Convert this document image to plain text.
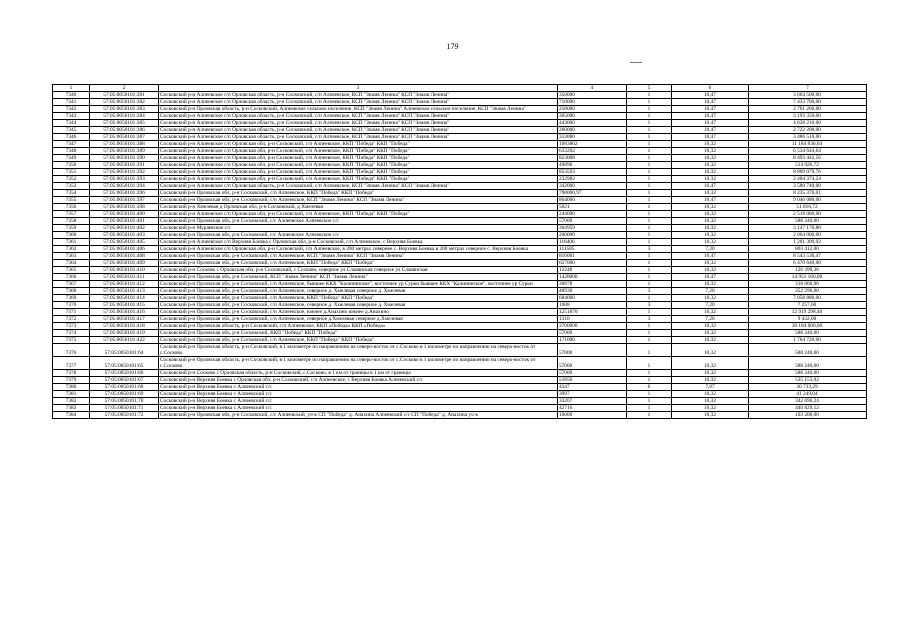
179
1	2	3	4	5	6	7
7340	57:05:0050101:381	Сосковский р-н Алпеевское с/п Орловская область, р-н Сосковский, с/п Алпеевское, КСП "Знамя Ленина" КСП "Знамя Ленина"	350000	1	10,47	3 664 500,00
7341	57:05:0050101:382	Сосковский р-н Алпеевское с/п Орловская область, р-н Сосковский, с/п Алпеевское, КСП "Знамя Ленина" КСП "Знамя Ленина"	710000	1	10,47	7 433 700,00
7342	57:05:0050101:383	Сосковский р-н Орловская область, р-н Сосковский, Алпеевское сельское поселение, КСП "Знамя Ленина" Алпеевское сельское поселение, КСП "Знамя Ленина"	258000	1	10,47	2 701 260,00
7343	57:05:0050101:384	Сосковский р-н Алпеевское с/п Орловская область, р-н Сосковский, с/п Алпеевское, КСП "Знамя Ленина" КСП "Знамя Ленина"	305000	1	10,47	3 193 350,00
7344	57:05:0050101:385	Сосковский р-н Алпеевское с/п Орловская область, р-н Сосковский, с/п Алпеевское, КСП "Знамя Ленина" КСП "Знамя Ленина"	443000	1	10,47	4 638 210,00
7345	57:05:0050101:386	Сосковский р-н Алпеевское с/п Орловская область, р-н Сосковский, с/п Алпеевское, КСП "Знамя Ленина" КСП "Знамя Ленина"	260000	1	10,47	2 722 200,00
7346	57:05:0050101:387	Сосковский р-н Алпеевское с/п Орловская область, р-н Сосковский, с/п Алпеевское, КСП "Знамя Ленина" КСП "Знамя Ленина"	333000	1	10,47	3 486 510,00
7347	57:05:0050101:388	Сосковский р-н Алпеевское с/п Орловская обл, р-н Сосковский, с/п Алпеевское, ККП "Победа" ККП "Победа"	1083802	1	10,32	11 184 836,64
7348	57:05:0050101:389	Сосковский р-н Алпеевское с/п Орловская обл, р-н Сосковский, с/п Алпеевское, ККП "Победа" ККП "Победа"	633202	1	10,32	6 534 644,64
7349	57:05:0050101:390	Сосковский р-н Алпеевское с/п Орловская обл, р-н Сосковский, с/п Алпеевское, ККП "Победа" ККП "Победа"	823008	1	10,32	8 493 442,56
7350	57:05:0050101:391	Сосковский р-н Алпеевское с/п Орловская обл, р-н Сосковский, с/п Алпеевское, ККП "Победа" ККП "Победа"	49896	1	10,32	514 926,72
7351	57:05:0050101:392	Сосковский р-н Алпеевское с/п Орловская обл, р-н Сосковский, с/п Алпеевское, ККП "Победа" ККП "Победа"	853593	1	10,32	8 809 079,76
7352	57:05:0050101:393	Сосковский р-н Алпеевское с/п Орловская обл, р-н Сосковский, с/п Алпеевское, ККП "Победа" ККП "Победа"	232982	1	10,32	2 404 374,24
7353	57:05:0050101:394	Сосковский р-н Алпеевское с/п Орловская область, р-н Сосковский, с/п Алпеевское, КСП "Знамя Ленина" КСП "Знамя Ленина"	342000	1	10,47	3 580 740,00
7354	57:05:0050101:396	Сосковский р-н Орловская обл, р-н Сосковский, с/п Алпеевское, ККП "Победа" ККП "Победа"	798000,97	1	10,32	8 235 370,01
7355	57:05:0050101:397	Сосковский р-н Орловская обл, р-н Сосковский, с/п Алпеевское, КСП "Знамя Ленина" КСП "Знамя Ленина"	864000	1	10,47	9 046 080,00
7356	57:05:0050101:398	Сосковский р-н Хмелевая д Орловская обл, р-н Сосковский, д Хмелевая	5021	1	10,32	51 816,72
7357	57:05:0050101:400	Сосковский р-н Алпеевское с/п Орловская обл, р-н Сосковский, с/п Алпеевское, ККП "Победа" ККП "Победа"	244000	1	10,32	2 518 080,00
7358	57:05:0050101:401	Сосковский р-н Орловская обл, р-н Сосковский, с/с Алпеевское Алпеевское с/с	57000	1	10,32	588 240,00
7359	57:05:0050101:402	Сосковский р-н Мураевское с/с	304959	1	10,32	3 147 176,88
7360	57:05:0050101:403	Сосковский р-н Орловская обл, р-н Сосковский, с/с Алпеевское Алпеевское с/с	200000	1	10,32	2 064 000,00
7361	57:05:0050101:405	Сосковский р-н Алпеевское с/п Верхняя Боевка с Орловская обл, р-н Сосковский, с/п Алпеевское, с Верхняя Боевка	116406	1	10,32	1 201 309,92
7362	57:05:0050101:406	Сосковский р-н Алпеевское с/п Орловская обл, р-н Сосковский, с/п Алпеевское, в 200 метрах севернее с. Верхняя Боевка в 200 метрах северное с. Верхняя Боевка	111585	3	7,20	803 412,00
7363	57:05:0050101:408	Сосковский р-н Орловская обл, р-н Сосковский, с/п Алпеевское, КСП "Знамя Ленина" КСП "Знамя Ленина"	816001	1	10,47	8 543 530,47
7364	57:05:0050101:409	Сосковский р-н Орловская обл, р-н Сосковский, с/п Алпеевское, ККП "Победа" ККП "Победа"	627000	1	10,32	6 470 640,00
7365	57:05:0050101:410	Сосковский р-н Сосково с Орловская обл, р-н Сосковский, с Сосково, северное ул.Славянская северное ул.Славянская	12248	1	10,32	126 399,36
7366	57:05:0050101:411	Сосковский р-н Орловская обл, р-н Сосковский, КСП "Знамя Ленина" КСП "Знамя Ленина"	1428000	1	10,47	14 951 160,00
7367	57:05:0050101:412	Сосковский р-н Орловская обл, р-н Сосковский, с/п Алпеевское, бывшее ККХ "Калининское", восточнее ур Сурки бывшее ККХ "Калининское", восточнее ур Сурки	30878	1	10,32	318 660,96
7368	57:05:0050101:413	Сосковский р-н Орловская обл, р-н Сосковский, с/п Алпеевское, северное д. Хмелевая северное д. Хмелевая	48930	3	7,20	352 296,00
7369	57:05:0050101:414	Сосковский р-н Орловская обл, р-н Сосковский, с/п Алпеевское, ККП "Победа" ККП "Победа"	684000	1	10,32	7 058 880,00
7370	57:05:0050101:415	Сосковский р-н Орловская обл, р-н Сосковский, с/п Алпеевское, северное д. Хмелевая северное д. Хмелевая	1008	3	7,20	7 257,60
7371	57:05:0050101:416	Сосковский р-н Орловская обл, р-н Сосковский, с/п Алпеевское, южнее д.Анахино южнее д.Анахино	1251870	1	10,32	12 919 298,40
7372	57:05:0050101:417	Сосковский р-н Орловская обл, р-н Сосковский, с/п Алпеевское, северное д.Хмелевая северное д.Хмелевая	1310	3	7,20	9 432,00
7373	57:05:0050101:418	Сосковский р-н Орловская область, р-н Сосковский, с/п Алпеевское, ККП «Победа» ККП «Победа»	3700000	1	10,32	38 184 000,00
7374	57:05:0050101:419	Сосковский р-н Орловская обл, р-н Сосковский, ККП "Победа" ККП "Победа"	57000	1	10,32	588 240,00
7375	57:05:0050101:422	Сосковский р-н Орловская обл, р-н Сосковский, с/п Алпеевское, ККП "Победа" ККП "Победа"	171000	1	10,32	1 764 720,00
7376	57:05:0050101:64	Сосковский р-н Орловская область, р-н Сосковский, в 1 километре по направлению на северо-восток от с.Сосково в 1 километре по направлению на северо-восток от с.Сосково	57000	1	10,32	588 240,00
7377	57:05:0050101:65	Сосковский р-н Орловская область, р-н Сосковский, в 1 километре по направлению на северо-восток от с.Сосково в 1 километре по направлению на северо-восток от с.Сосково	57000	1	10,32	588 240,00
7378	57:05:0050101:66	Сосковский р-н Сосково с Орловская область, р-н Сосковский, с.Сосково, в 1 км от границы в 1 км от границы	57000	1	10,32	588 240,00
7379	57:05:0050101:67	Сосковский р-н Верхняя Боевка с Орловская обл, р-н Сосковский, с/п Алпеевское, с Верхняя Боевка Алпеевский с/с	51856	1	10,32	535 153,92
7380	57:05:0050101:68	Сосковский р-н Верхняя Боевка с Алпеевский с/с	4347	6	7,07	30 733,29
7381	57:05:0050101:69	Сосковский р-н Верхняя Боевка с Алпеевский с/с	3997	1	10,32	41 249,04
7382	57:05:0050101:70	Сосковский р-н Верхняя Боевка с Алпеевский с/с	33207	1	10,32	342 696,24
7383	57:05:0050101:71	Сосковский р-н Верхняя Боевка с Алпеевский с/с	42716	1	10,32	440 829,12
7384	57:05:0050101:72	Сосковский р-н Орловская обл, р-н Сосковский, с/с Алпеевский, уч-к СП "Победа" д. Анахина Алпеевский с/с СП "Победа" д. Анахина уч-к	10000	1	10,32	103 200,00
